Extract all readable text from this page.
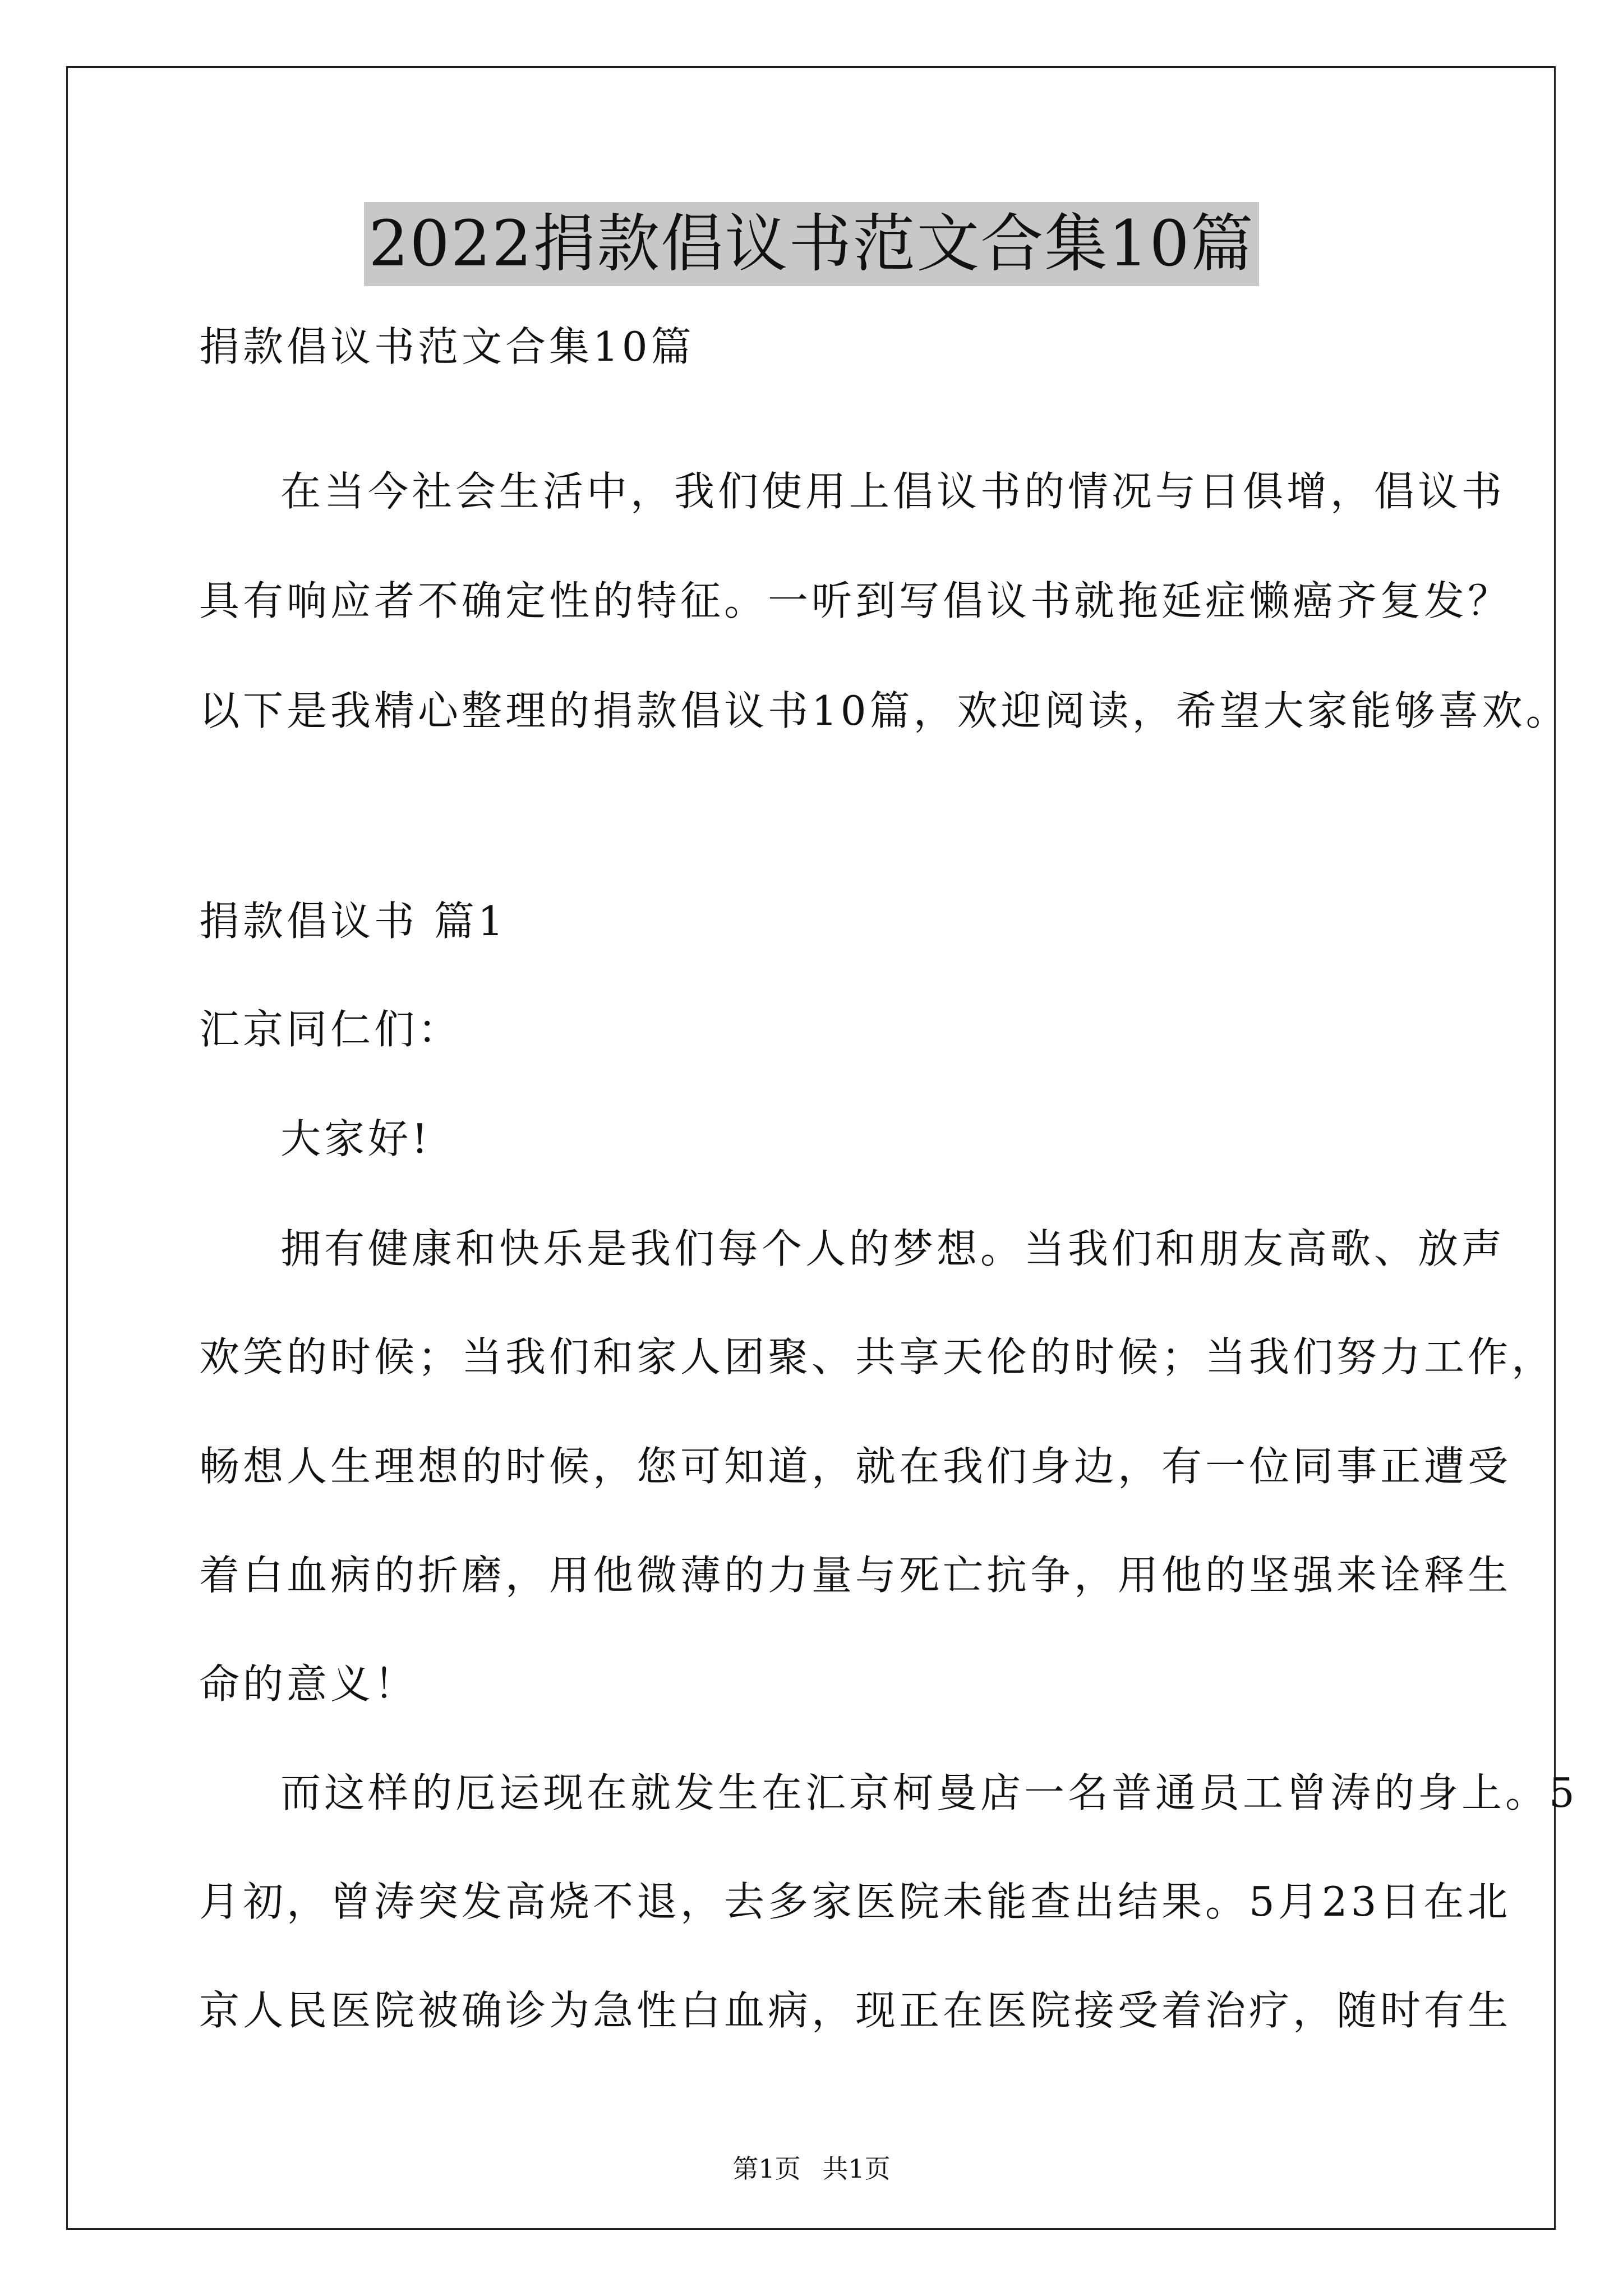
2022捐款倡议书范文合集10篇
捐款倡议书范文合集10篇
在当今社会生活中，我们使用上倡议书的情况与日俱增，倡议书
具有响应者不确定性的特征。一听到写倡议书就拖延症懒癌齐复发？
以下是我精心整理的捐款倡议书10篇，欢迎阅读，希望大家能够喜欢。
捐款倡议书 篇1
汇京同仁们：
大家好!
拥有健康和快乐是我们每个人的梦想。当我们和朋友高歌、放声
欢笑的时候；当我们和家人团聚、共享天伦的时候；当我们努力工作，
畅想人生理想的时候，您可知道，就在我们身边，有一位同事正遭受
着白血病的折磨，用他微薄的力量与死亡抗争，用他的坚强来诠释生
命的意义！
而这样的厄运现在就发生在汇京柯曼店一名普通员工曾涛的身上。5
月初，曾涛突发高烧不退，去多家医院未能查出结果。5月23日在北
京人民医院被确诊为急性白血病，现正在医院接受着治疗，随时有生
第1页 共1页
